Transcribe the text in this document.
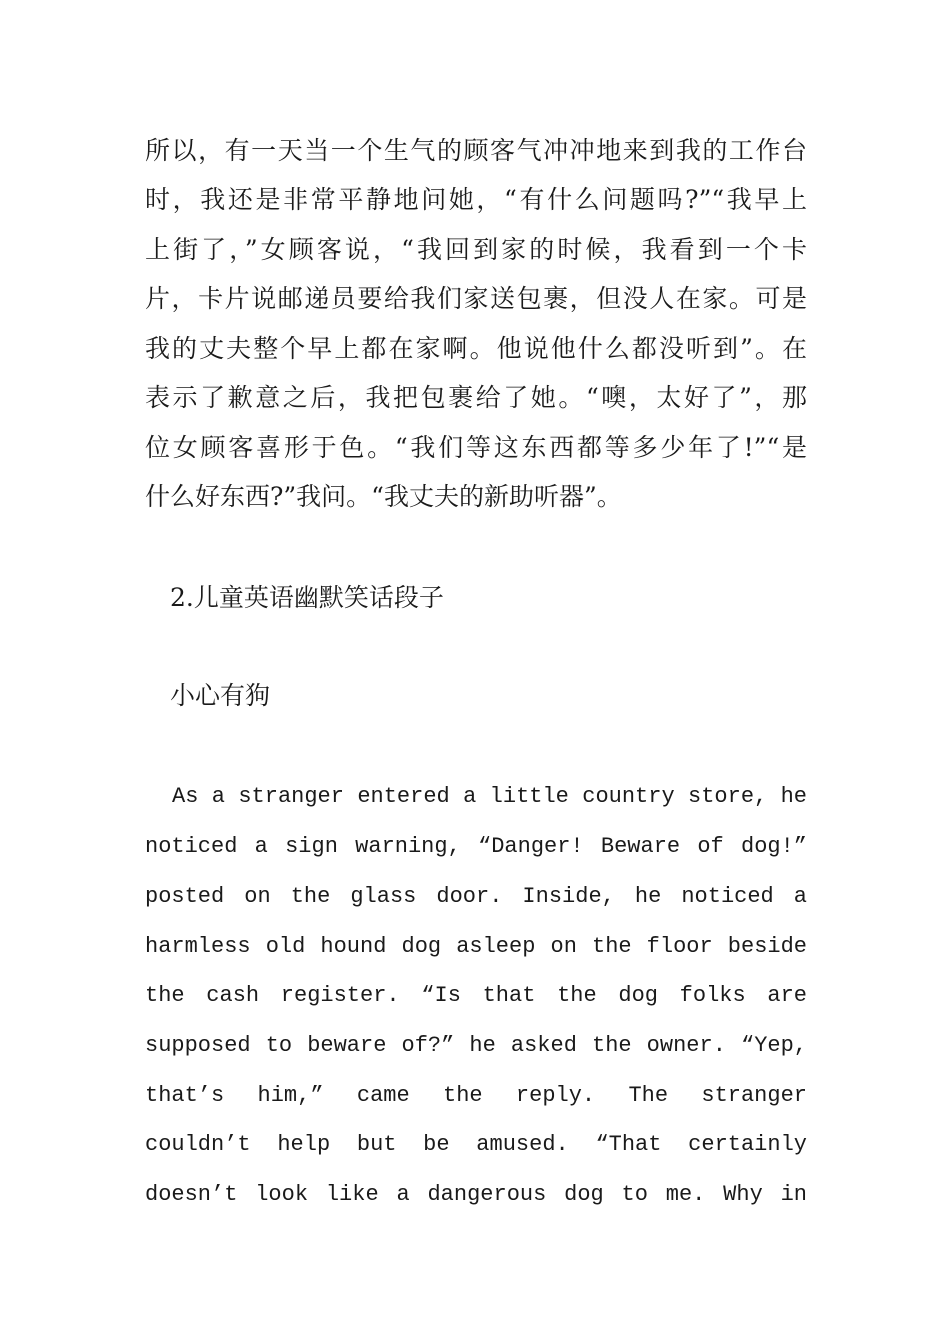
所以，有一天当一个生气的顾客气冲冲地来到我的工作台
时，我还是非常平静地问她，“有什么问题吗?”“我早上
上街了，”女顾客说，“我回到家的时候，我看到一个卡
片，卡片说邮递员要给我们家送包裹，但没人在家。可是
我的丈夫整个早上都在家啊。他说他什么都没听到”。在
表示了歉意之后，我把包裹给了她。“噢，太好了”，那
位女顾客喜形于色。“我们等这东西都等多少年了!”“是
什么好东西?”我问。“我丈夫的新助听器”。
2.儿童英语幽默笑话段子
小心有狗
As a stranger entered a little country store, he
noticed a sign warning, “Danger! Beware of dog!”
posted on the glass door. Inside, he noticed a
harmless old hound dog asleep on the floor beside
the cash register. “Is that the dog folks are
supposed to beware of?” he asked the owner. “Yep,
that’s him,” came the reply. The stranger
couldn’t help but be amused. “That certainly
doesn’t look like a dangerous dog to me. Why in
